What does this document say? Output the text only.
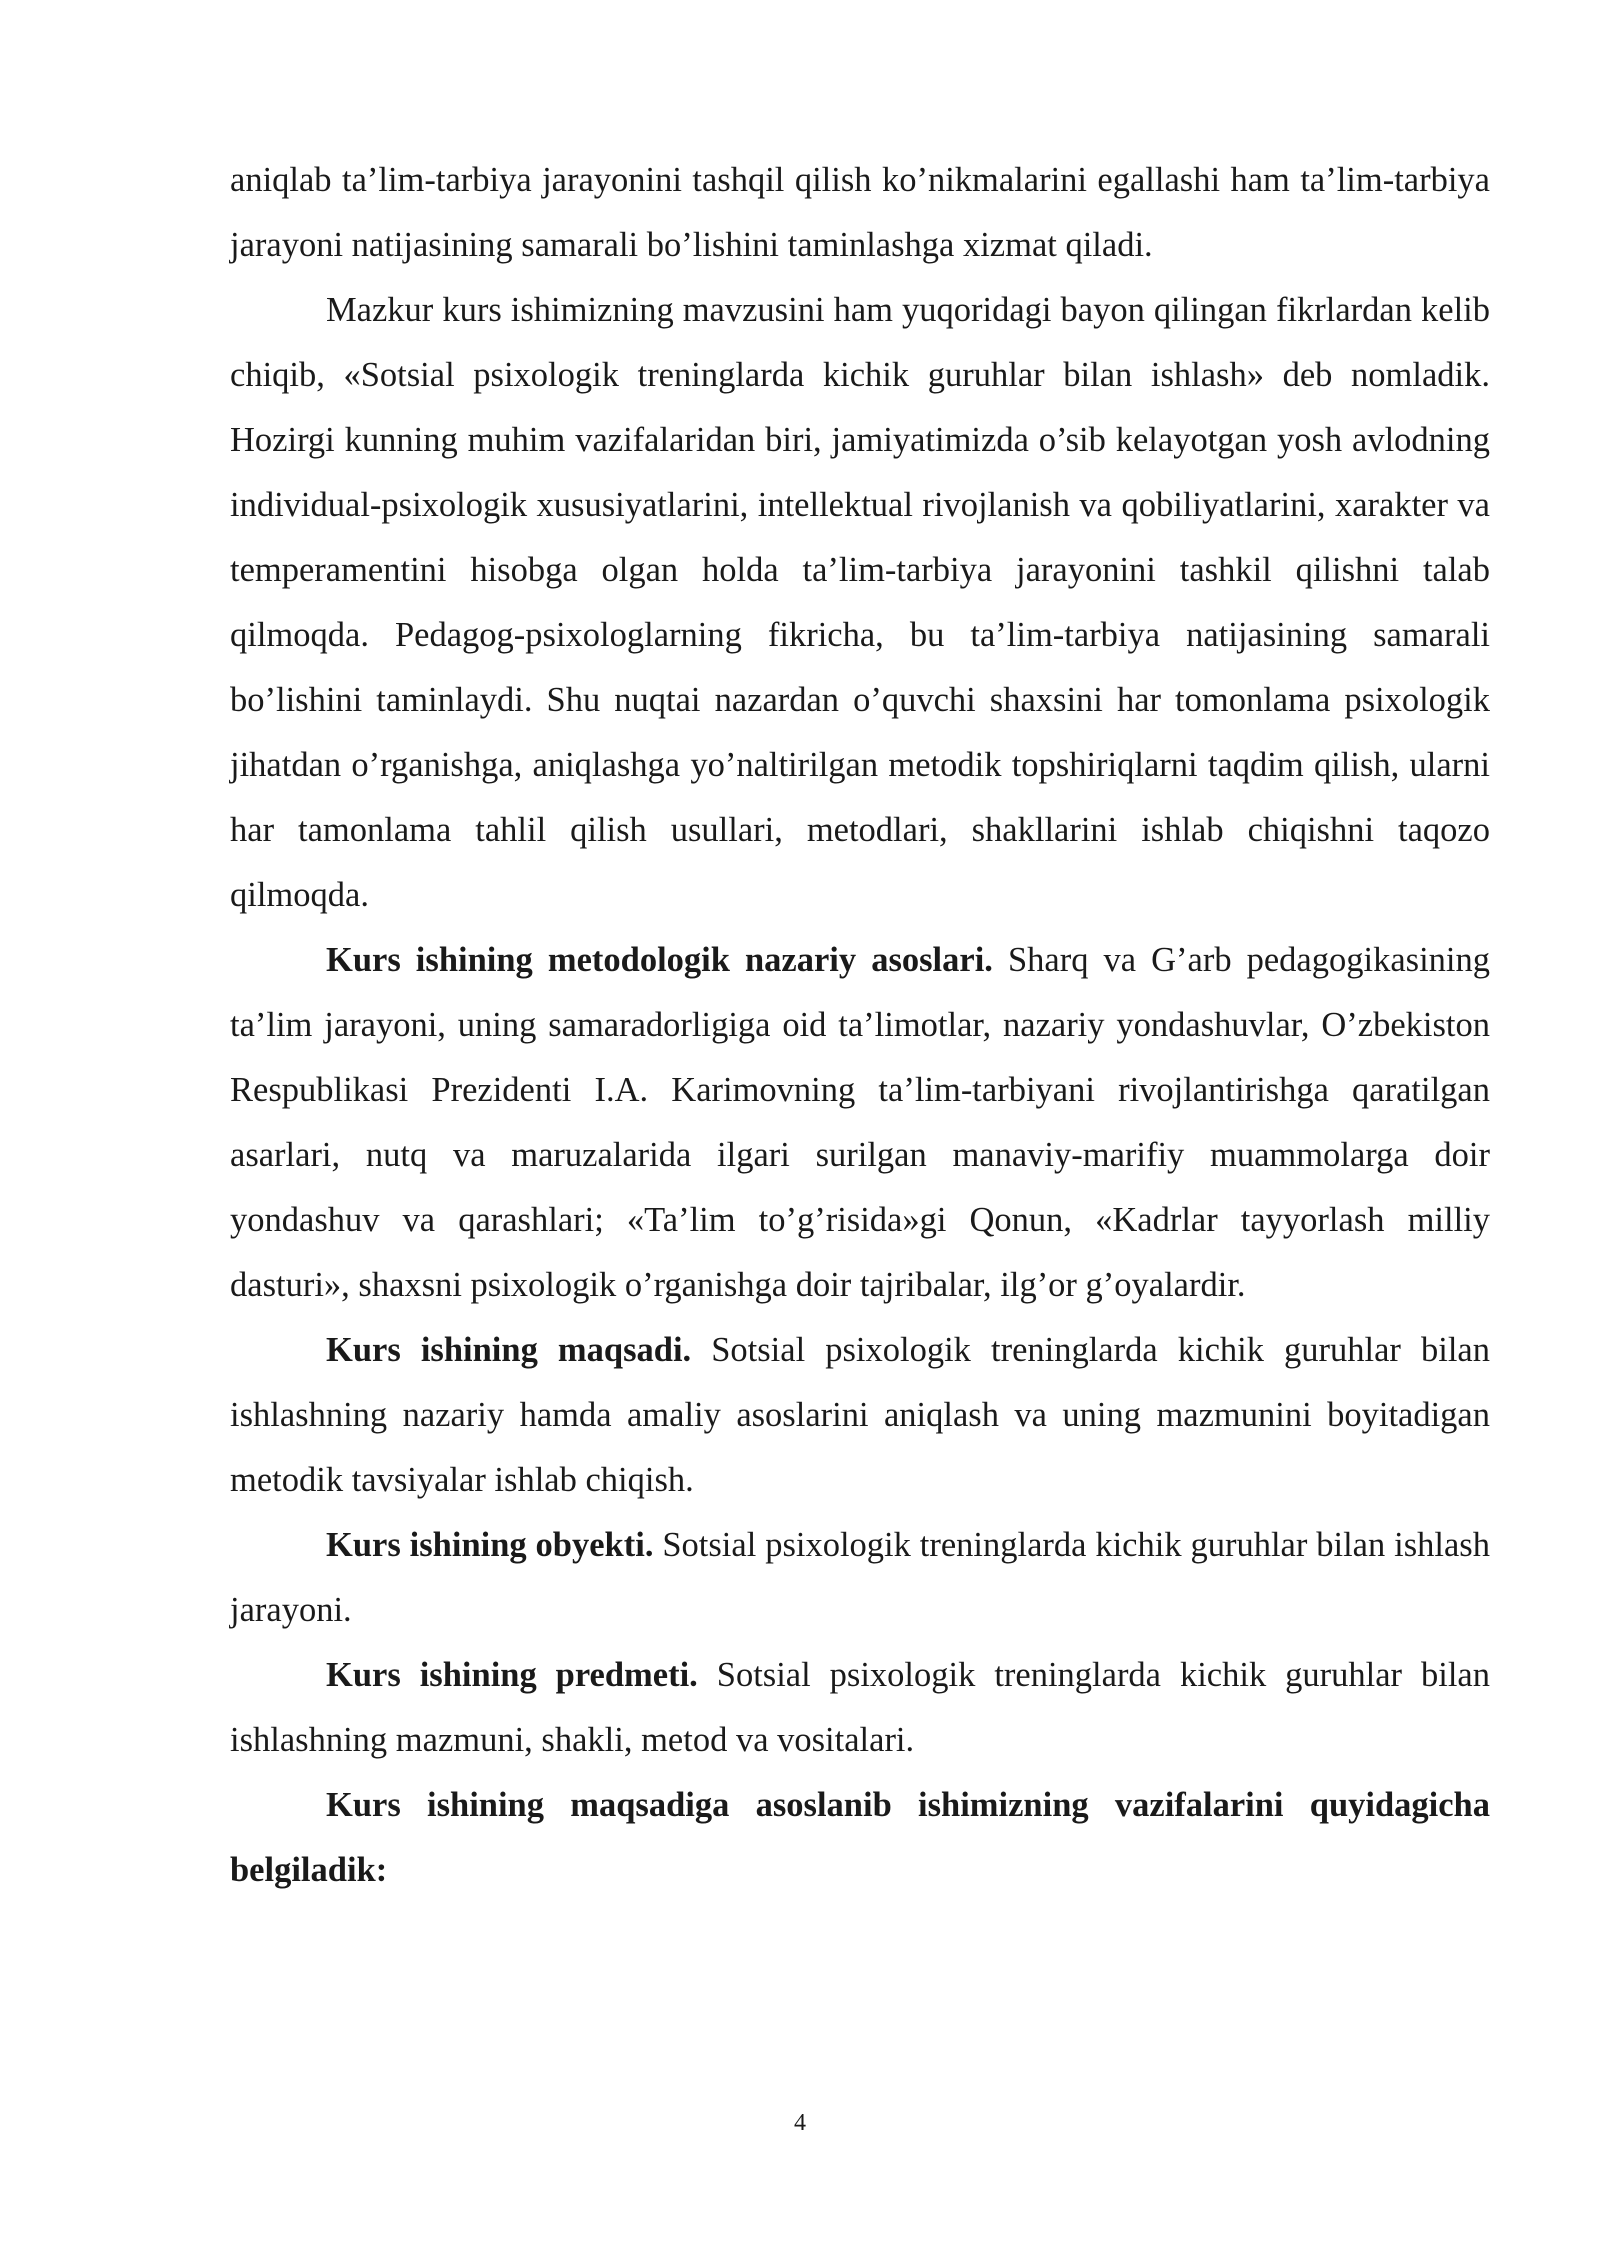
aniqlab ta’lim-tarbiya jarayonini tashqil qilish ko’nikmalarini egallashi ham ta’lim-tarbiya jarayoni natijasining samarali bo’lishini taminlashga xizmat qiladi.

Mazkur kurs ishimizning mavzusini ham yuqoridagi bayon qilingan fikrlardan kelib chiqib, «Sotsial psixologik treninglarda kichik guruhlar bilan ishlash» deb nomladik. Hozirgi kunning muhim vazifalaridan biri, jamiyatimizda o’sib kelayotgan yosh avlodning individual-psixologik xususiyatlarini, intellektual rivojlanish va qobiliyatlarini, xarakter va temperamentini hisobga olgan holda ta’lim-tarbiya jarayonini tashkil qilishni talab qilmoqda. Pedagog-psixologlarning fikricha, bu ta’lim-tarbiya natijasining samarali bo’lishini taminlaydi. Shu nuqtai nazardan o’quvchi shaxsini har tomonlama psixologik jihatdan o’rganishga, aniqlashga yo’naltirilgan metodik topshiriqlarni taqdim qilish, ularni har tamonlama tahlil qilish usullari, metodlari, shakllarini ishlab chiqishni taqozo qilmoqda.

Kurs ishining metodologik nazariy asoslari. Sharq va G’arb pedagogikasining ta’lim jarayoni, uning samaradorligiga oid ta’limotlar, nazariy yondashuvlar, O’zbekiston Respublikasi Prezidenti I.A. Karimovning ta’lim-tarbiyani rivojlantirishga qaratilgan asarlari, nutq va maruzalarida ilgari surilgan manaviy-marifiy muammolarga doir yondashuv va qarashlari; «Ta’lim to’g’risida»gi Qonun, «Kadrlar tayyorlash milliy dasturi», shaxsni psixologik o’rganishga doir tajribalar, ilg’or g’oyalardir.

Kurs ishining maqsadi. Sotsial psixologik treninglarda kichik guruhlar bilan ishlashning nazariy hamda amaliy asoslarini aniqlash va uning mazmunini boyitadigan metodik tavsiyalar ishlab chiqish.

Kurs ishining obyekti. Sotsial psixologik treninglarda kichik guruhlar bilan ishlash jarayoni.

Kurs ishining predmeti. Sotsial psixologik treninglarda kichik guruhlar bilan ishlashning mazmuni, shakli, metod va vositalari.

Kurs ishining maqsadiga asoslanib ishimizning vazifalarini quyidagicha belgiladik:

4
